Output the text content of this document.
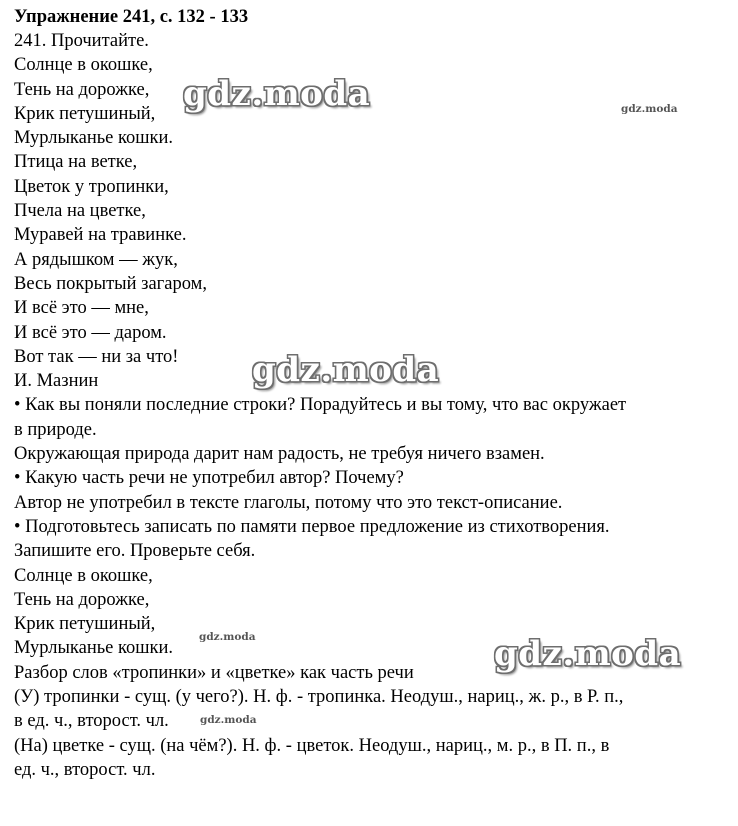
Упражнение 241, с. 132 - 133
241. Прочитайте.
Солнце в окошке,
Тень на дорожке,
Крик петушиный,
Мурлыканье кошки.
Птица на ветке,
Цветок у тропинки,
Пчела на цветке,
Муравей на травинке.
А рядышком — жук,
Весь покрытый загаром,
И всё это — мне,
И всё это — даром.
Вот так — ни за что!
И. Мазнин
• Как вы поняли последние строки? Порадуйтесь и вы тому, что вас окружает
в природе.
Окружающая природа дарит нам радость, не требуя ничего взамен.
• Какую часть речи не употребил автор? Почему?
Автор не употребил в тексте глаголы, потому что это текст-описание.
• Подготовьтесь записать по памяти первое предложение из стихотворения.
Запишите его. Проверьте себя.
Солнце в окошке,
Тень на дорожке,
Крик петушиный,
Мурлыканье кошки.
Разбор слов «тропинки» и «цветке» как часть речи
(У) тропинки - сущ. (у чего?). Н. ф. - тропинка. Неодуш., нариц., ж. р., в Р. п.,
в ед. ч., второст. чл.
(На) цветке - сущ. (на чём?). Н. ф. - цветок. Неодуш., нариц., м. р., в П. п., в
ед. ч., второст. чл.
gdz.moda
gdz.moda
gdz.moda
gdz.moda
gdz.moda
gdz.moda
